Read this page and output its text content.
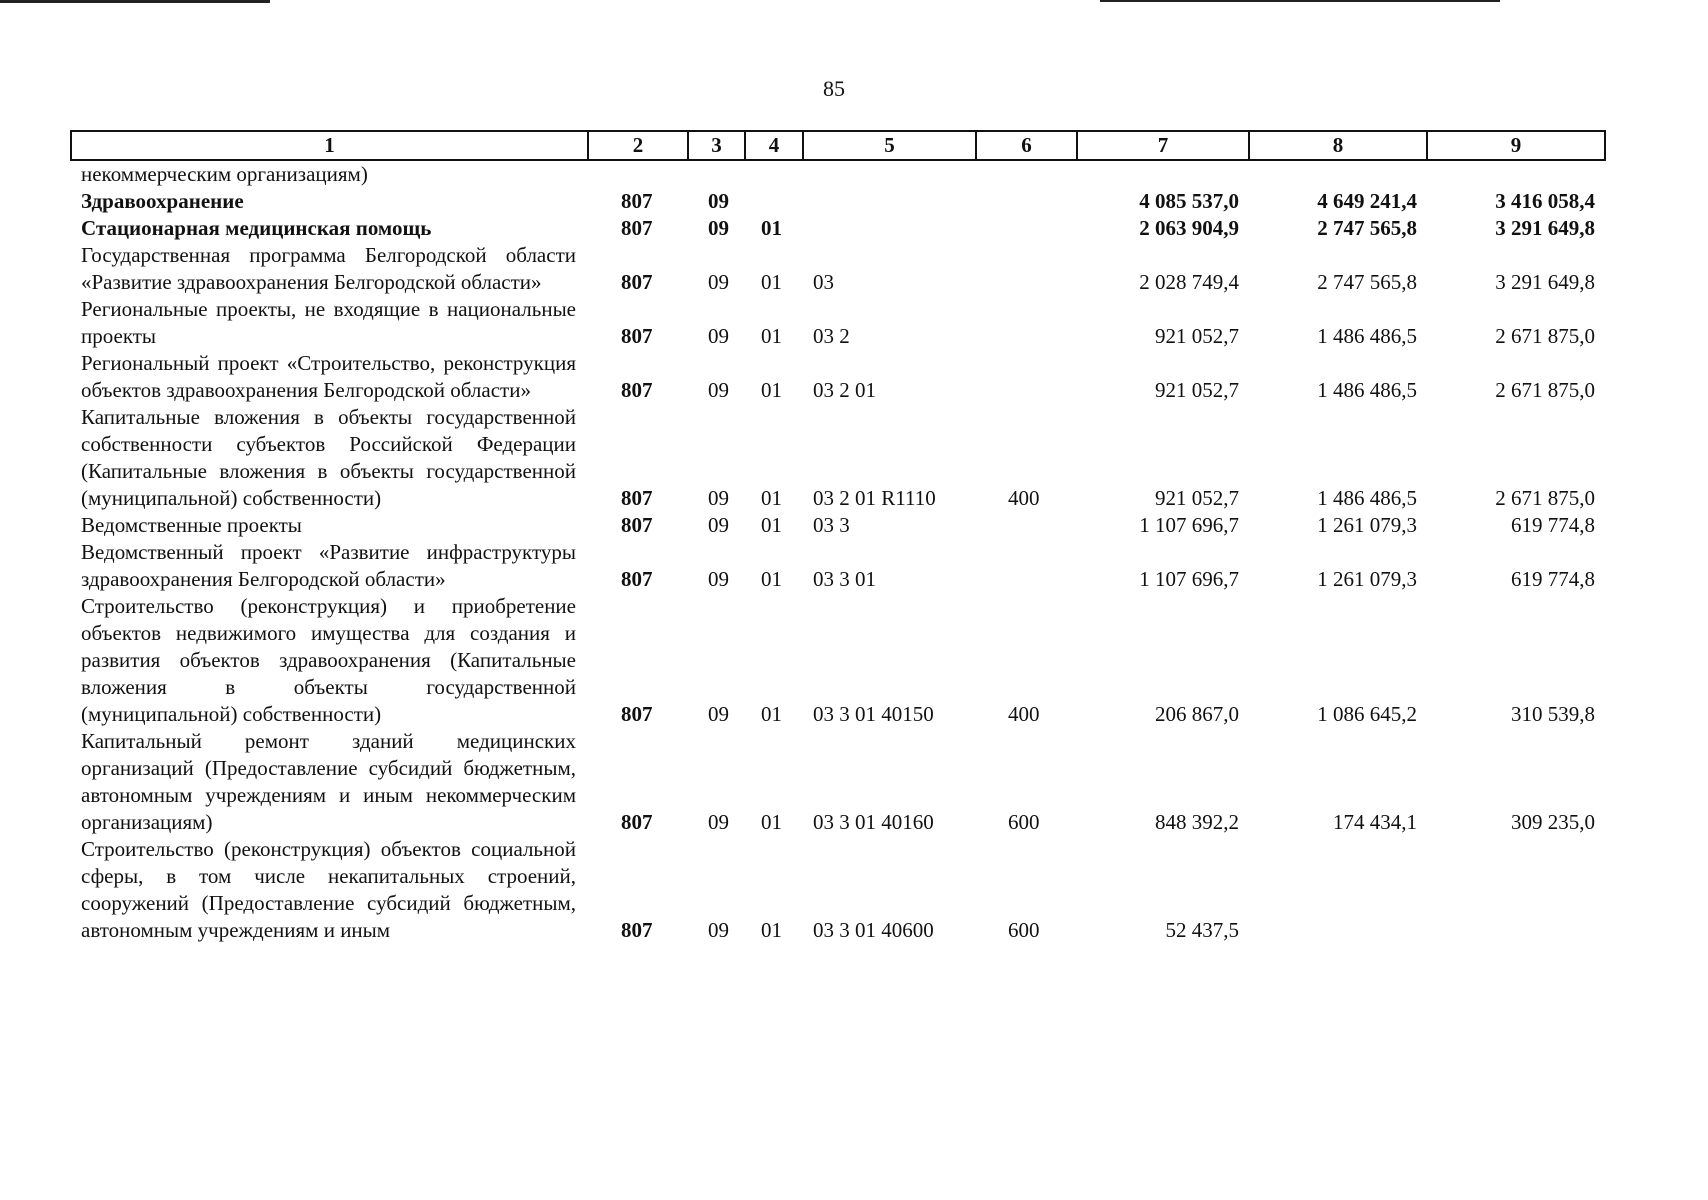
85
1	2	3	4	5	6	7	8	9
некоммерческим организациям)								
Здравоохранение	807	09				4 085 537,0	4 649 241,4	3 416 058,4
Стационарная медицинская помощь	807	09	01			2 063 904,9	2 747 565,8	3 291 649,8
Государственная программа Белгородской области «Развитие здравоохранения Белгородской области»	807	09	01	03		2 028 749,4	2 747 565,8	3 291 649,8
Региональные проекты, не входящие в национальные проекты	807	09	01	03 2		921 052,7	1 486 486,5	2 671 875,0
Региональный проект «Строительство, реконструкция объектов здравоохранения Белгородской области»	807	09	01	03 2 01		921 052,7	1 486 486,5	2 671 875,0
Капитальные вложения в объекты государственной собственности субъектов Российской Федерации (Капитальные вложения в объекты государственной (муниципальной) собственности)	807	09	01	03 2 01 R1110	400	921 052,7	1 486 486,5	2 671 875,0
Ведомственные проекты	807	09	01	03 3		1 107 696,7	1 261 079,3	619 774,8
Ведомственный проект «Развитие инфраструктуры здравоохранения Белгородской области»	807	09	01	03 3 01		1 107 696,7	1 261 079,3	619 774,8
Строительство (реконструкция) и приобретение объектов недвижимого имущества для создания и развития объектов здравоохранения (Капитальные вложения в объекты государственной (муниципальной) собственности)	807	09	01	03 3 01 40150	400	206 867,0	1 086 645,2	310 539,8
Капитальный ремонт зданий медицинских организаций (Предоставление субсидий бюджетным, автономным учреждениям и иным некоммерческим организациям)	807	09	01	03 3 01 40160	600	848 392,2	174 434,1	309 235,0
Строительство (реконструкция) объектов социальной сферы, в том числе некапитальных строений, сооружений (Предоставление субсидий бюджетным, автономным учреждениям и иным	807	09	01	03 3 01 40600	600	52 437,5		
